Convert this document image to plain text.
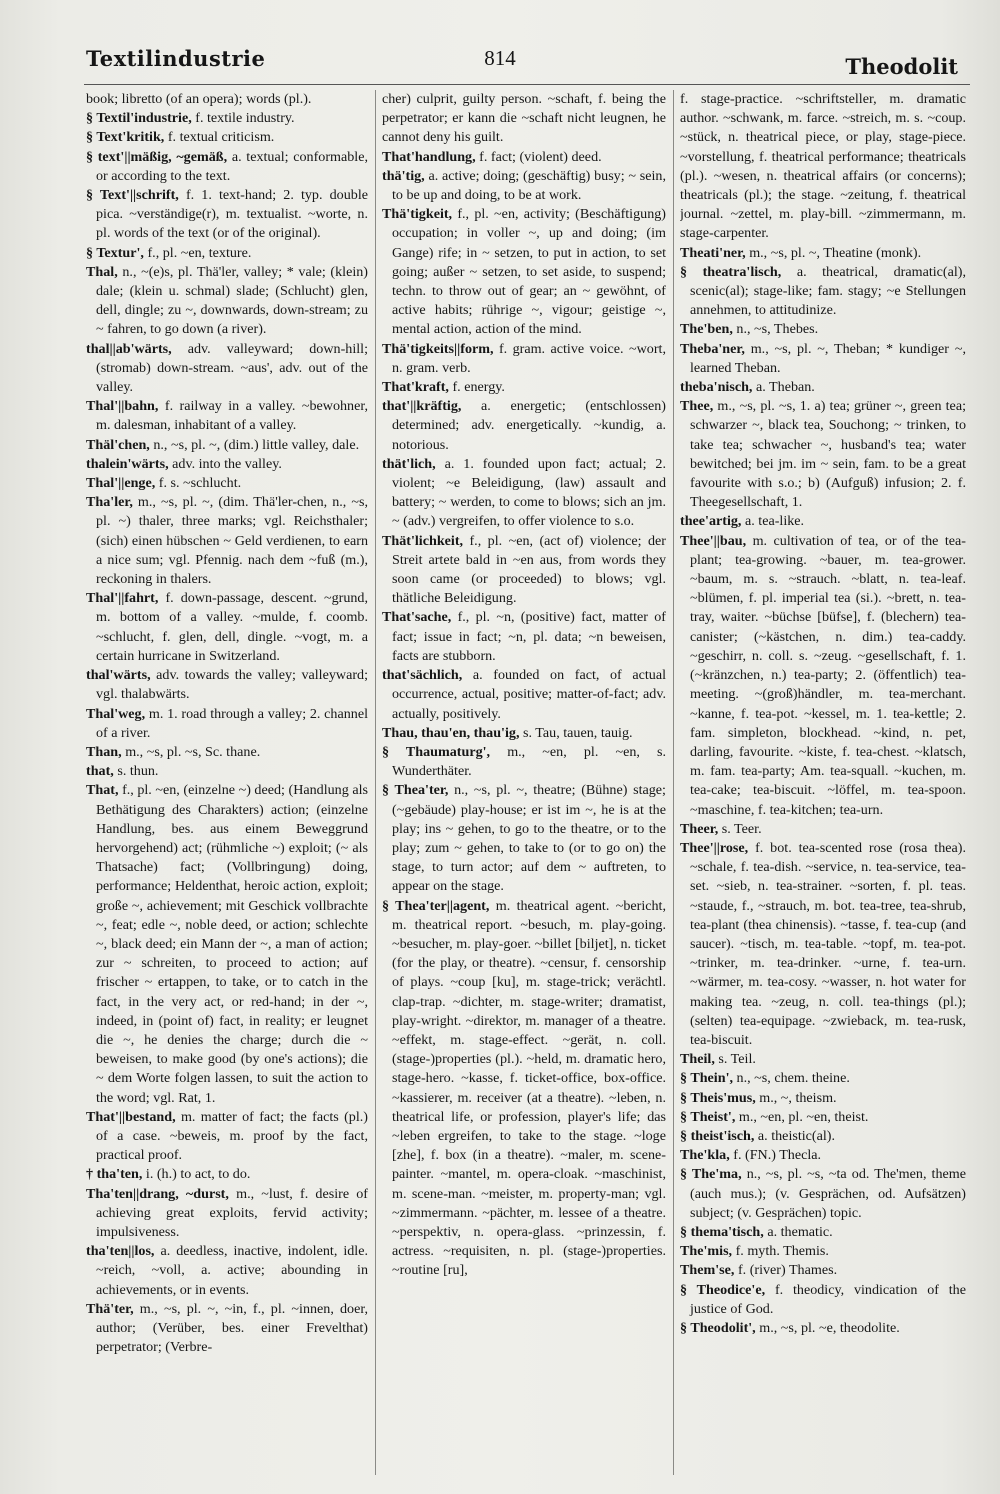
Textilindustrie	814	Theodolit

book; libretto (of an opera); words (pl.).

§ Textil'industrie, f. textile industry.

§ Text'kritik, f. textual criticism.

§ text'||mäßig, ~gemäß, a. textual; conformable, or according to the text.

§ Text'||schrift, f. 1. text-hand; 2. typ. double pica. ~verständige(r), m. textualist. ~worte, n. pl. words of the text (or of the original).

§ Textur', f., pl. ~en, texture.

Thal, n., ~(e)s, pl. Thä'ler, valley; * vale; (klein) dale; (klein u. schmal) slade; (Schlucht) glen, dell, dingle; zu ~, downwards, down-stream; zu ~ fahren, to go down (a river).

thal||ab'wärts, adv. valleyward; down-hill; (stromab) down-stream. ~aus', adv. out of the valley.

Thal'||bahn, f. railway in a valley. ~bewohner, m. dalesman, inhabitant of a valley.

Thäl'chen, n., ~s, pl. ~, (dim.) little valley, dale.

thalein'wärts, adv. into the valley.

Thal'||enge, f. s. ~schlucht.

Tha'ler, m., ~s, pl. ~, (dim. Thä'ler-chen, n., ~s, pl. ~) thaler, three marks; vgl. Reichsthaler; (sich) einen hübschen ~ Geld verdienen, to earn a nice sum; vgl. Pfennig. nach dem ~fuß (m.), reckoning in thalers.

Thal'||fahrt, f. down-passage, descent. ~grund, m. bottom of a valley. ~mulde, f. coomb. ~schlucht, f. glen, dell, dingle. ~vogt, m. a certain hurricane in Switzerland.

thal'wärts, adv. towards the valley; valleyward; vgl. thalabwärts.

Thal'weg, m. 1. road through a valley; 2. channel of a river.

Than, m., ~s, pl. ~s, Sc. thane.

that, s. thun.

That, f., pl. ~en, (einzelne ~) deed; (Handlung als Bethätigung des Charakters) action; (einzelne Handlung, bes. aus einem Beweggrund hervorgehend) act; (rühmliche ~) exploit; (~ als Thatsache) fact; (Vollbringung) doing, performance; Heldenthat, heroic action, exploit; große ~, achievement; mit Geschick vollbrachte ~, feat; edle ~, noble deed, or action; schlechte ~, black deed; ein Mann der ~, a man of action; zur ~ schreiten, to proceed to action; auf frischer ~ ertappen, to take, or to catch in the fact, in the very act, or red-hand; in der ~, indeed, in (point of) fact, in reality; er leugnet die ~, he denies the charge; durch die ~ beweisen, to make good (by one's actions); die ~ dem Worte folgen lassen, to suit the action to the word; vgl. Rat, 1.

That'||bestand, m. matter of fact; the facts (pl.) of a case. ~beweis, m. proof by the fact, practical proof.

† tha'ten, i. (h.) to act, to do.

Tha'ten||drang, ~durst, m., ~lust, f. desire of achieving great exploits, fervid activity; impulsiveness.

tha'ten||los, a. deedless, inactive, indolent, idle. ~reich, ~voll, a. active; abounding in achievements, or in events.

Thä'ter, m., ~s, pl. ~, ~in, f., pl. ~innen, doer, author; (Verüber, bes. einer Frevelthat) perpetrator; (Verbre-

cher) culprit, guilty person. ~schaft, f. being the perpetrator; er kann die ~schaft nicht leugnen, he cannot deny his guilt.

That'handlung, f. fact; (violent) deed.

thä'tig, a. active; doing; (geschäftig) busy; ~ sein, to be up and doing, to be at work.

Thä'tigkeit, f., pl. ~en, activity; (Beschäftigung) occupation; in voller ~, up and doing; (im Gange) rife; in ~ setzen, to put in action, to set going; außer ~ setzen, to set aside, to suspend; techn. to throw out of gear; an ~ gewöhnt, of active habits; rührige ~, vigour; geistige ~, mental action, action of the mind.

Thä'tigkeits||form, f. gram. active voice. ~wort, n. gram. verb.

That'kraft, f. energy.

that'||kräftig, a. energetic; (entschlossen) determined; adv. energetically. ~kundig, a. notorious.

thät'lich, a. 1. founded upon fact; actual; 2. violent; ~e Beleidigung, (law) assault and battery; ~ werden, to come to blows; sich an jm. ~ (adv.) vergreifen, to offer violence to s.o.

Thät'lichkeit, f., pl. ~en, (act of) violence; der Streit artete bald in ~en aus, from words they soon came (or proceeded) to blows; vgl. thätliche Beleidigung.

That'sache, f., pl. ~n, (positive) fact, matter of fact; issue in fact; ~n, pl. data; ~n beweisen, facts are stubborn.

that'sächlich, a. founded on fact, of actual occurrence, actual, positive; matter-of-fact; adv. actually, positively.

Thau, thau'en, thau'ig, s. Tau, tauen, tauig.

§ Thaumaturg', m., ~en, pl. ~en, s. Wunderthäter.

§ Thea'ter, n., ~s, pl. ~, theatre; (Bühne) stage; (~gebäude) play-house; er ist im ~, he is at the play; ins ~ gehen, to go to the theatre, or to the play; zum ~ gehen, to take to (or to go on) the stage, to turn actor; auf dem ~ auftreten, to appear on the stage.

§ Thea'ter||agent, m. theatrical agent. ~bericht, m. theatrical report. ~besuch, m. play-going. ~besucher, m. play-goer. ~billet [biljet], n. ticket (for the play, or theatre). ~censur, f. censorship of plays. ~coup [ku], m. stage-trick; verächtl. clap-trap. ~dichter, m. stage-writer; dramatist, play-wright. ~direktor, m. manager of a theatre. ~effekt, m. stage-effect. ~gerät, n. coll. (stage-)properties (pl.). ~held, m. dramatic hero, stage-hero. ~kasse, f. ticket-office, box-office. ~kassierer, m. receiver (at a theatre). ~leben, n. theatrical life, or profession, player's life; das ~leben ergreifen, to take to the stage. ~loge [zhe], f. box (in a theatre). ~maler, m. scene-painter. ~mantel, m. opera-cloak. ~maschinist, m. scene-man. ~meister, m. property-man; vgl. ~zimmermann. ~pächter, m. lessee of a theatre. ~perspektiv, n. opera-glass. ~prinzessin, f. actress. ~requisiten, n. pl. (stage-)properties. ~routine [ru],

f. stage-practice. ~schriftsteller, m. dramatic author. ~schwank, m. farce. ~streich, m. s. ~coup. ~stück, n. theatrical piece, or play, stage-piece. ~vorstellung, f. theatrical performance; theatricals (pl.). ~wesen, n. theatrical affairs (or concerns); theatricals (pl.); the stage. ~zeitung, f. theatrical journal. ~zettel, m. play-bill. ~zimmermann, m. stage-carpenter.

Theati'ner, m., ~s, pl. ~, Theatine (monk).

§ theatra'lisch, a. theatrical, dramatic(al), scenic(al); stage-like; fam. stagy; ~e Stellungen annehmen, to attitudinize.

The'ben, n., ~s, Thebes.

Theba'ner, m., ~s, pl. ~, Theban; * kundiger ~, learned Theban.

theba'nisch, a. Theban.

Thee, m., ~s, pl. ~s, 1. a) tea; grüner ~, green tea; schwarzer ~, black tea, Souchong; ~ trinken, to take tea; schwacher ~, husband's tea; water bewitched; bei jm. im ~ sein, fam. to be a great favourite with s.o.; b) (Aufguß) infusion; 2. f. Theegesellschaft, 1.

thee'artig, a. tea-like.

Thee'||bau, m. cultivation of tea, or of the tea-plant; tea-growing. ~bauer, m. tea-grower. ~baum, m. s. ~strauch. ~blatt, n. tea-leaf. ~blümen, f. pl. imperial tea (si.). ~brett, n. tea-tray, waiter. ~büchse [büfse], f. (blechern) tea-canister; (~kästchen, n. dim.) tea-caddy. ~geschirr, n. coll. s. ~zeug. ~gesellschaft, f. 1. (~kränzchen, n.) tea-party; 2. (öffentlich) tea-meeting. ~(groß)händler, m. tea-merchant. ~kanne, f. tea-pot. ~kessel, m. 1. tea-kettle; 2. fam. simpleton, blockhead. ~kind, n. pet, darling, favourite. ~kiste, f. tea-chest. ~klatsch, m. fam. tea-party; Am. tea-squall. ~kuchen, m. tea-cake; tea-biscuit. ~löffel, m. tea-spoon. ~maschine, f. tea-kitchen; tea-urn.

Theer, s. Teer.

Thee'||rose, f. bot. tea-scented rose (rosa thea). ~schale, f. tea-dish. ~service, n. tea-service, tea-set. ~sieb, n. tea-strainer. ~sorten, f. pl. teas. ~staude, f., ~strauch, m. bot. tea-tree, tea-shrub, tea-plant (thea chinensis). ~tasse, f. tea-cup (and saucer). ~tisch, m. tea-table. ~topf, m. tea-pot. ~trinker, m. tea-drinker. ~urne, f. tea-urn. ~wärmer, m. tea-cosy. ~wasser, n. hot water for making tea. ~zeug, n. coll. tea-things (pl.); (selten) tea-equipage. ~zwieback, m. tea-rusk, tea-biscuit.

Theil, s. Teil.

§ Thein', n., ~s, chem. theine.

§ Theis'mus, m., ~, theism.

§ Theist', m., ~en, pl. ~en, theist.

§ theist'isch, a. theistic(al).

The'kla, f. (FN.) Thecla.

§ The'ma, n., ~s, pl. ~s, ~ta od. The'men, theme (auch mus.); (v. Gesprächen, od. Aufsätzen) subject; (v. Gesprächen) topic.

§ thema'tisch, a. thematic.

The'mis, f. myth. Themis.

Them'se, f. (river) Thames.

§ Theodice'e, f. theodicy, vindication of the justice of God.

§ Theodolit', m., ~s, pl. ~e, theodolite.
